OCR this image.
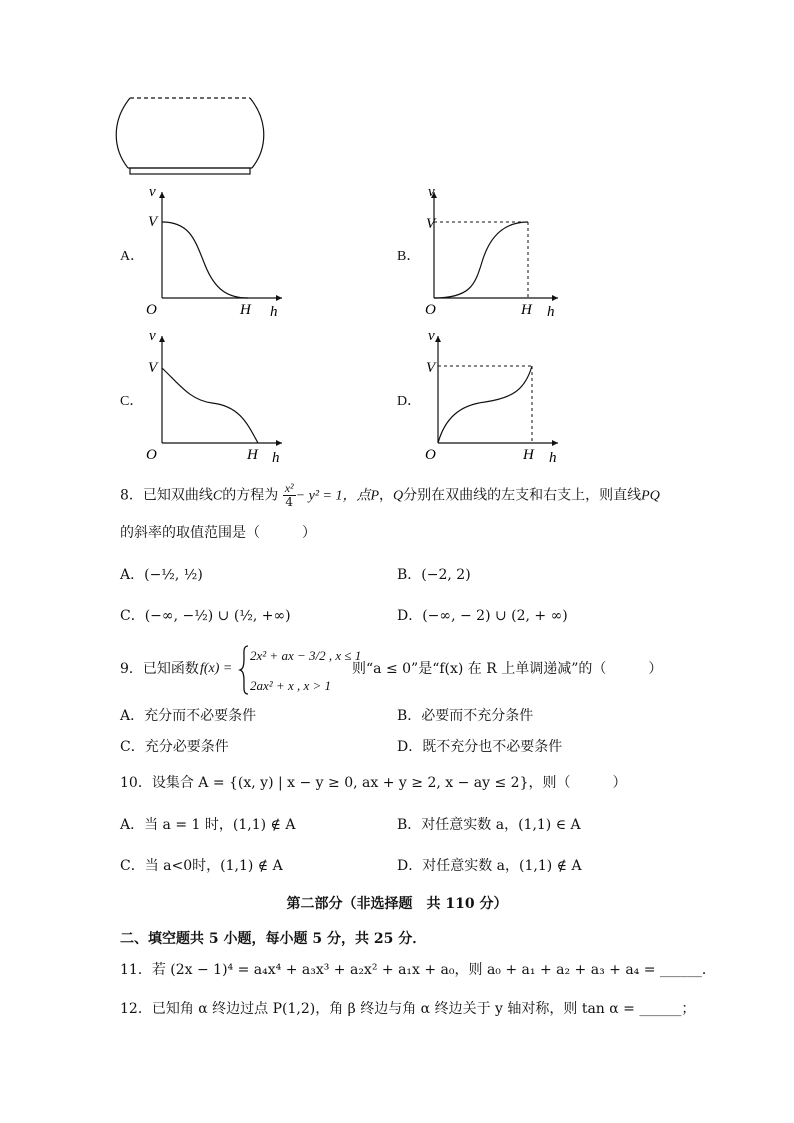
v
V
O	H h
v
V
O	H h
v
V
O	H h
v
V
O	H h
A．	B．
C．	D．
8．已知双曲线C的方程为 $\frac{\text{x²}}{4} - y^2 = 1$，点P，Q分别在双曲线的左支和右支上，则直线PQ
的斜率的取值范围是（　　　）
A．(−½, ½)	B．(−2, 2)
C．(−∞, −½) ∪ (½, +∞)	D．(−∞, − 2) ∪ (2, + ∞)
9．已知函数 f(x) =
2x² + ax − 3/2 , x ≤ 1
2ax² + x , x > 1
则“a ≤ 0”是“f(x) 在 R 上单调递减”的（　　　）
A．充分而不必要条件	B．必要而不充分条件
C．充分必要条件	D．既不充分也不必要条件
10．设集合 A = {(x, y) | x − y ≥ 0, ax + y ≥ 2, x − ay ≤ 2}，则（　　　）
A．当 a = 1 时，(1,1) ∉ A	B．对任意实数 a，(1,1) ∈ A
C．当 a<0时，(1,1) ∉ A	D．对任意实数 a，(1,1) ∉ A
第二部分（非选择题　共 110 分）
二、填空题共 5 小题，每小题 5 分，共 25 分．
11．若 (2x − 1)⁴ = a₄x⁴ + a₃x³ + a₂x² + a₁x + a₀，则 a₀ + a₁ + a₂ + a₃ + a₄ = ______．
12．已知角 α 终边过点 P(1,2)，角 β 终边与角 α 终边关于 y 轴对称，则 tan α = ______；
